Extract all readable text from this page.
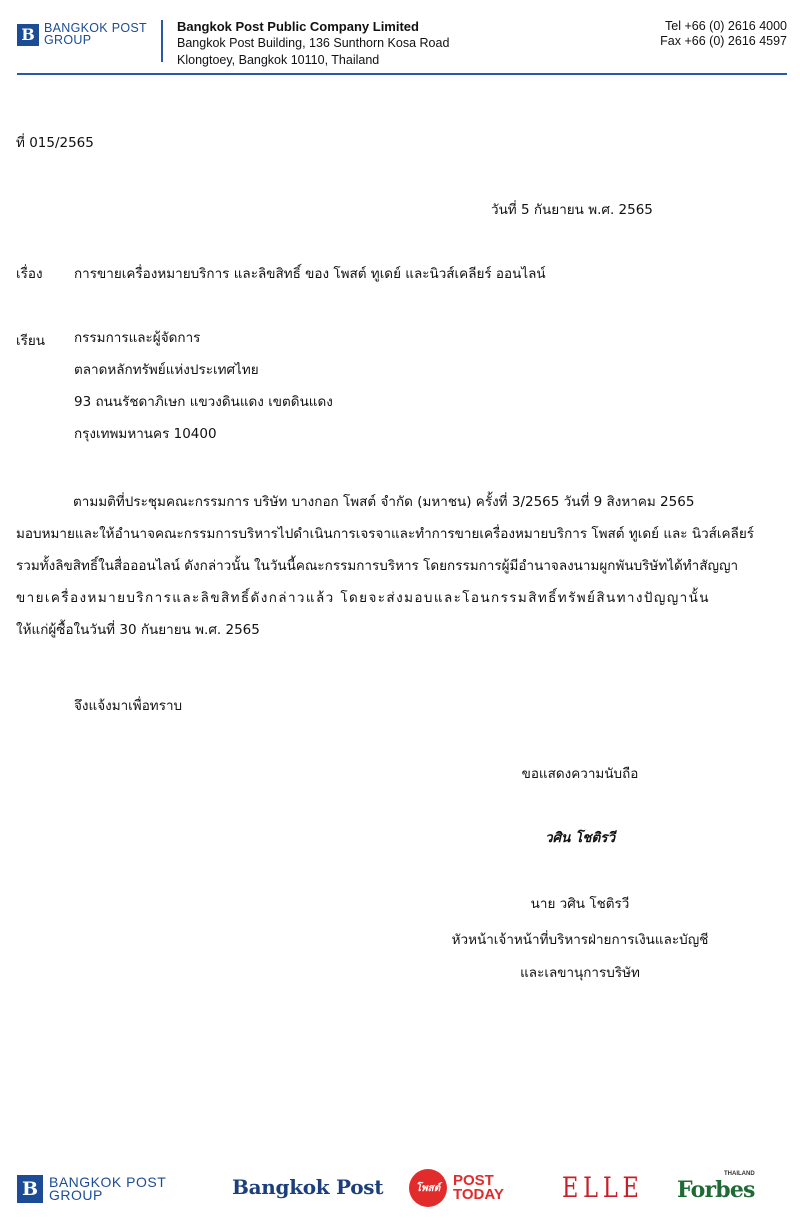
B BANGKOK POST
GROUP
Bangkok Post Public Company Limited
Bangkok Post Building, 136 Sunthorn Kosa Road
Klongtoey, Bangkok 10110, Thailand
Tel +66 (0) 2616 4000
Fax +66 (0) 2616 4597
ที่ 015/2565
วันที่ 5 กันยายน พ.ศ. 2565
เรื่อง	การขายเครื่องหมายบริการ และลิขสิทธิ์ ของ โพสต์ ทูเดย์ และนิวส์เคลียร์ ออนไลน์
เรียน	กรรมการและผู้จัดการ
ตลาดหลักทรัพย์แห่งประเทศไทย
93 ถนนรัชดาภิเษก แขวงดินแดง เขตดินแดง
กรุงเทพมหานคร 10400
ตามมติที่ประชุมคณะกรรมการ บริษัท บางกอก โพสต์ จำกัด (มหาชน) ครั้งที่ 3/2565 วันที่ 9 สิงหาคม 2565
มอบหมายและให้อำนาจคณะกรรมการบริหารไปดำเนินการเจรจาและทำการขายเครื่องหมายบริการ โพสต์ ทูเดย์ และ นิวส์เคลียร์
รวมทั้งลิขสิทธิ์ในสื่อออนไลน์ ดังกล่าวนั้น ในวันนี้คณะกรรมการบริหาร โดยกรรมการผู้มีอำนาจลงนามผูกพันบริษัทได้ทำสัญญา
ขายเครื่องหมายบริการและลิขสิทธิ์ดังกล่าวแล้ว โดยจะส่งมอบและโอนกรรมสิทธิ์ทรัพย์สินทางปัญญานั้น
ให้แก่ผู้ซื้อในวันที่ 30 กันยายน พ.ศ. 2565
จึงแจ้งมาเพื่อทราบ
ขอแสดงความนับถือ
วศิน โชติรวี
นาย วศิน โชติรวี
หัวหน้าเจ้าหน้าที่บริหารฝ่ายการเงินและบัญชี
และเลขานุการบริษัท
B BANGKOK POST
GROUP	Bangkok Post	โพสต์ POST
TODAY ELLE	THAILAND
Forbes
